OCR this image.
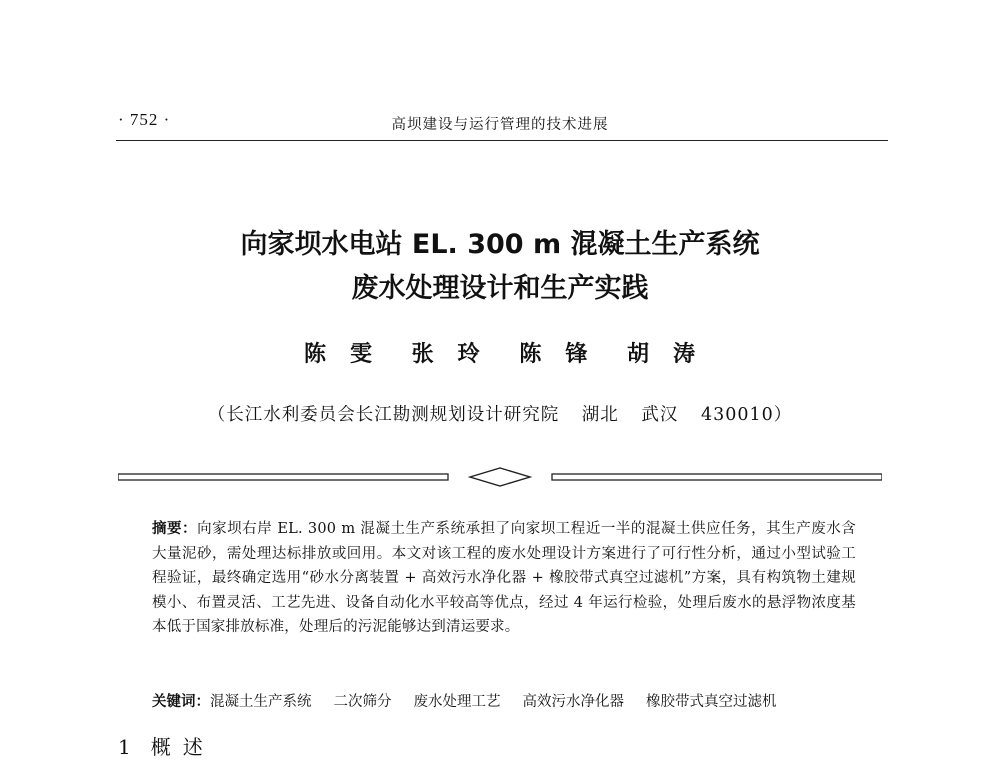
· 752 ·	高坝建设与运行管理的技术进展
向家坝水电站 EL. 300 m 混凝土生产系统
废水处理设计和生产实践
陈　雯 张　玲 陈　锋 胡　涛
（长江水利委员会长江勘测规划设计研究院 湖北 武汉 430010）
摘要：向家坝右岸 EL. 300 m 混凝土生产系统承担了向家坝工程近一半的混凝土供应任务，其生产废水含大量泥砂，需处理达标排放或回用。本文对该工程的废水处理设计方案进行了可行性分析，通过小型试验工程验证，最终确定选用“砂水分离装置 + 高效污水净化器 + 橡胶带式真空过滤机”方案，具有构筑物土建规模小、布置灵活、工艺先进、设备自动化水平较高等优点，经过 4 年运行检验，处理后废水的悬浮物浓度基本低于国家排放标准，处理后的污泥能够达到清运要求。
关键词：混凝土生产系统 二次筛分 废水处理工艺 高效污水净化器 橡胶带式真空过滤机
1 概述
